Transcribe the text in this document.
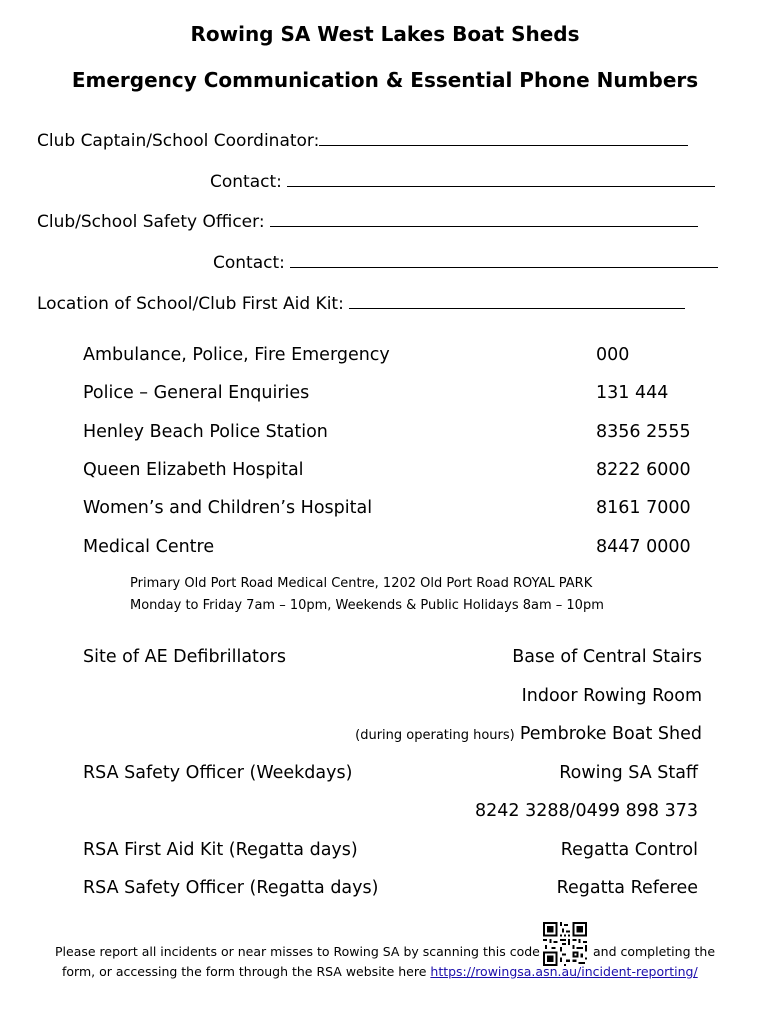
Rowing SA West Lakes Boat Sheds
Emergency Communication & Essential Phone Numbers
Club Captain/School Coordinator:
Contact:
Club/School Safety Officer:
Contact:
Location of School/Club First Aid Kit:
Ambulance, Police, Fire Emergency	000
Police – General Enquiries	131 444
Henley Beach Police Station	8356 2555
Queen Elizabeth Hospital	8222 6000
Women’s and Children’s Hospital	8161 7000
Medical Centre	8447 0000
Primary Old Port Road Medical Centre, 1202 Old Port Road ROYAL PARK
Monday to Friday 7am – 10pm, Weekends & Public Holidays 8am – 10pm
Site of AE Defibrillators	Base of Central Stairs
Indoor Rowing Room
(during operating hours) Pembroke Boat Shed
RSA Safety Officer (Weekdays)	Rowing SA Staff
8242 3288/0499 898 373
RSA First Aid Kit (Regatta days)	Regatta Control
RSA Safety Officer (Regatta days)	Regatta Referee
Please report all incidents or near misses to Rowing SA by scanning this code	and completing the
form, or accessing the form through the RSA website here https://rowingsa.asn.au/incident-reporting/
